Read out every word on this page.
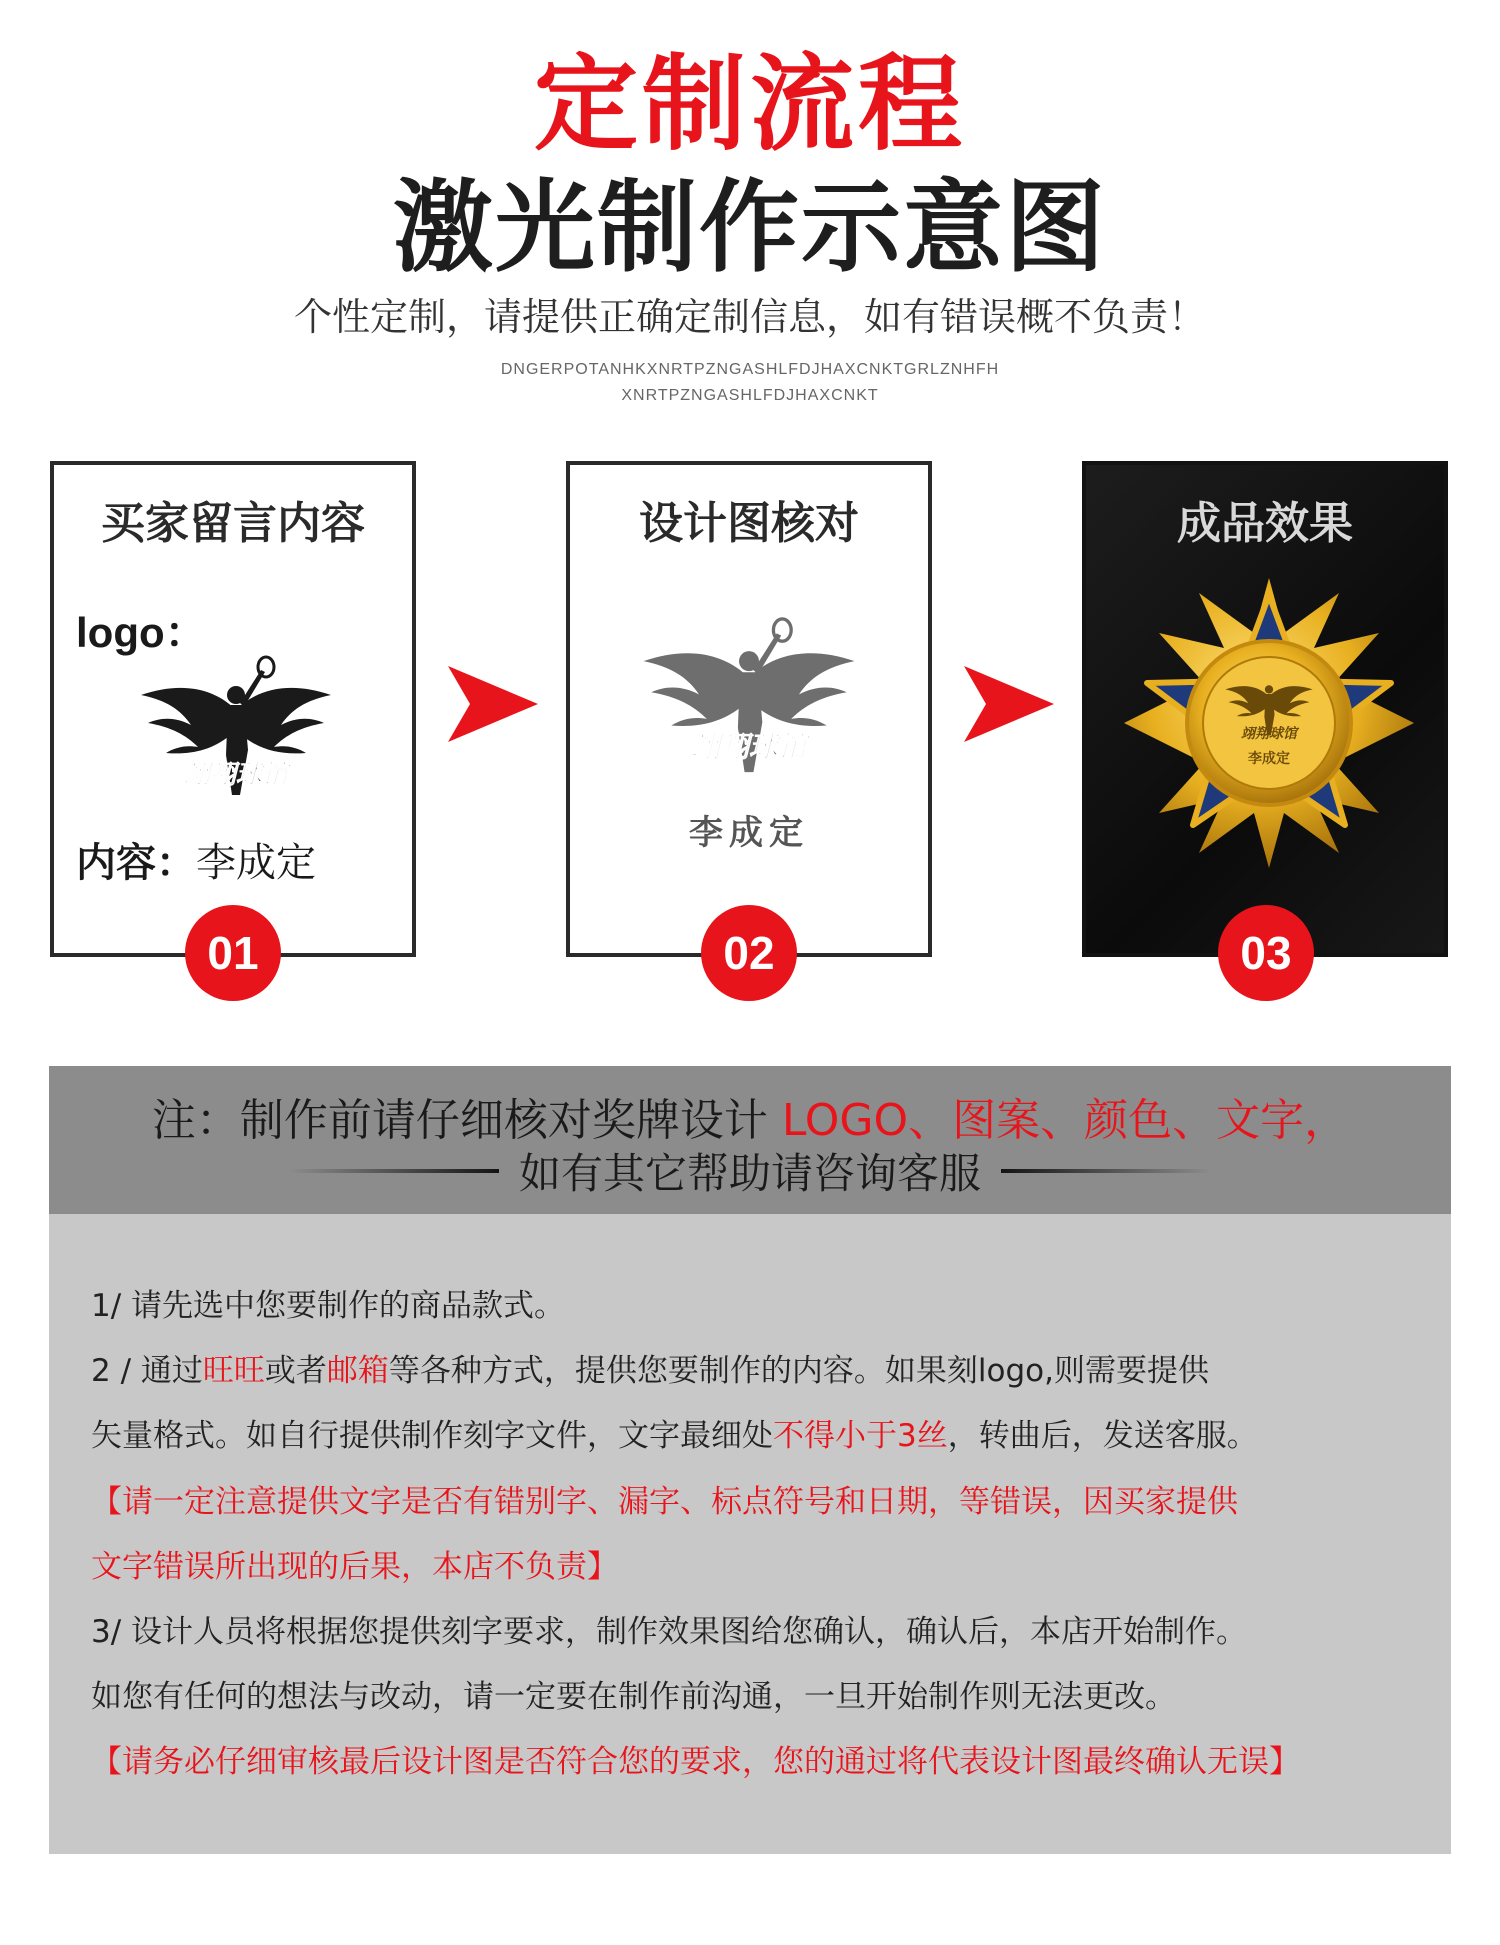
定制流程
激光制作示意图
个性定制，请提供正确定制信息，如有错误概不负责！
DNGERPOTANHKXNRTPZNGASHLFDJHAXCNKTGRLZNHFH
XNRTPZNGASHLFDJHAXCNKT
买家留言内容
logo：
翊翔球馆
内容：李成定
设计图核对
翊翔球馆
李成定
成品效果
翊翔球馆
李成定
01	02	03
注：制作前请仔细核对奖牌设计 LOGO、图案、颜色、文字，
如有其它帮助请咨询客服
1/ 请先选中您要制作的商品款式。
2 / 通过旺旺或者邮箱等各种方式，提供您要制作的内容。如果刻logo,则需要提供
矢量格式。如自行提供制作刻字文件，文字最细处不得小于3丝，转曲后，发送客服。
【请一定注意提供文字是否有错别字、漏字、标点符号和日期，等错误，因买家提供
文字错误所出现的后果，本店不负责】
3/ 设计人员将根据您提供刻字要求，制作效果图给您确认，确认后，本店开始制作。
如您有任何的想法与改动，请一定要在制作前沟通，一旦开始制作则无法更改。
【请务必仔细审核最后设计图是否符合您的要求，您的通过将代表设计图最终确认无误】
